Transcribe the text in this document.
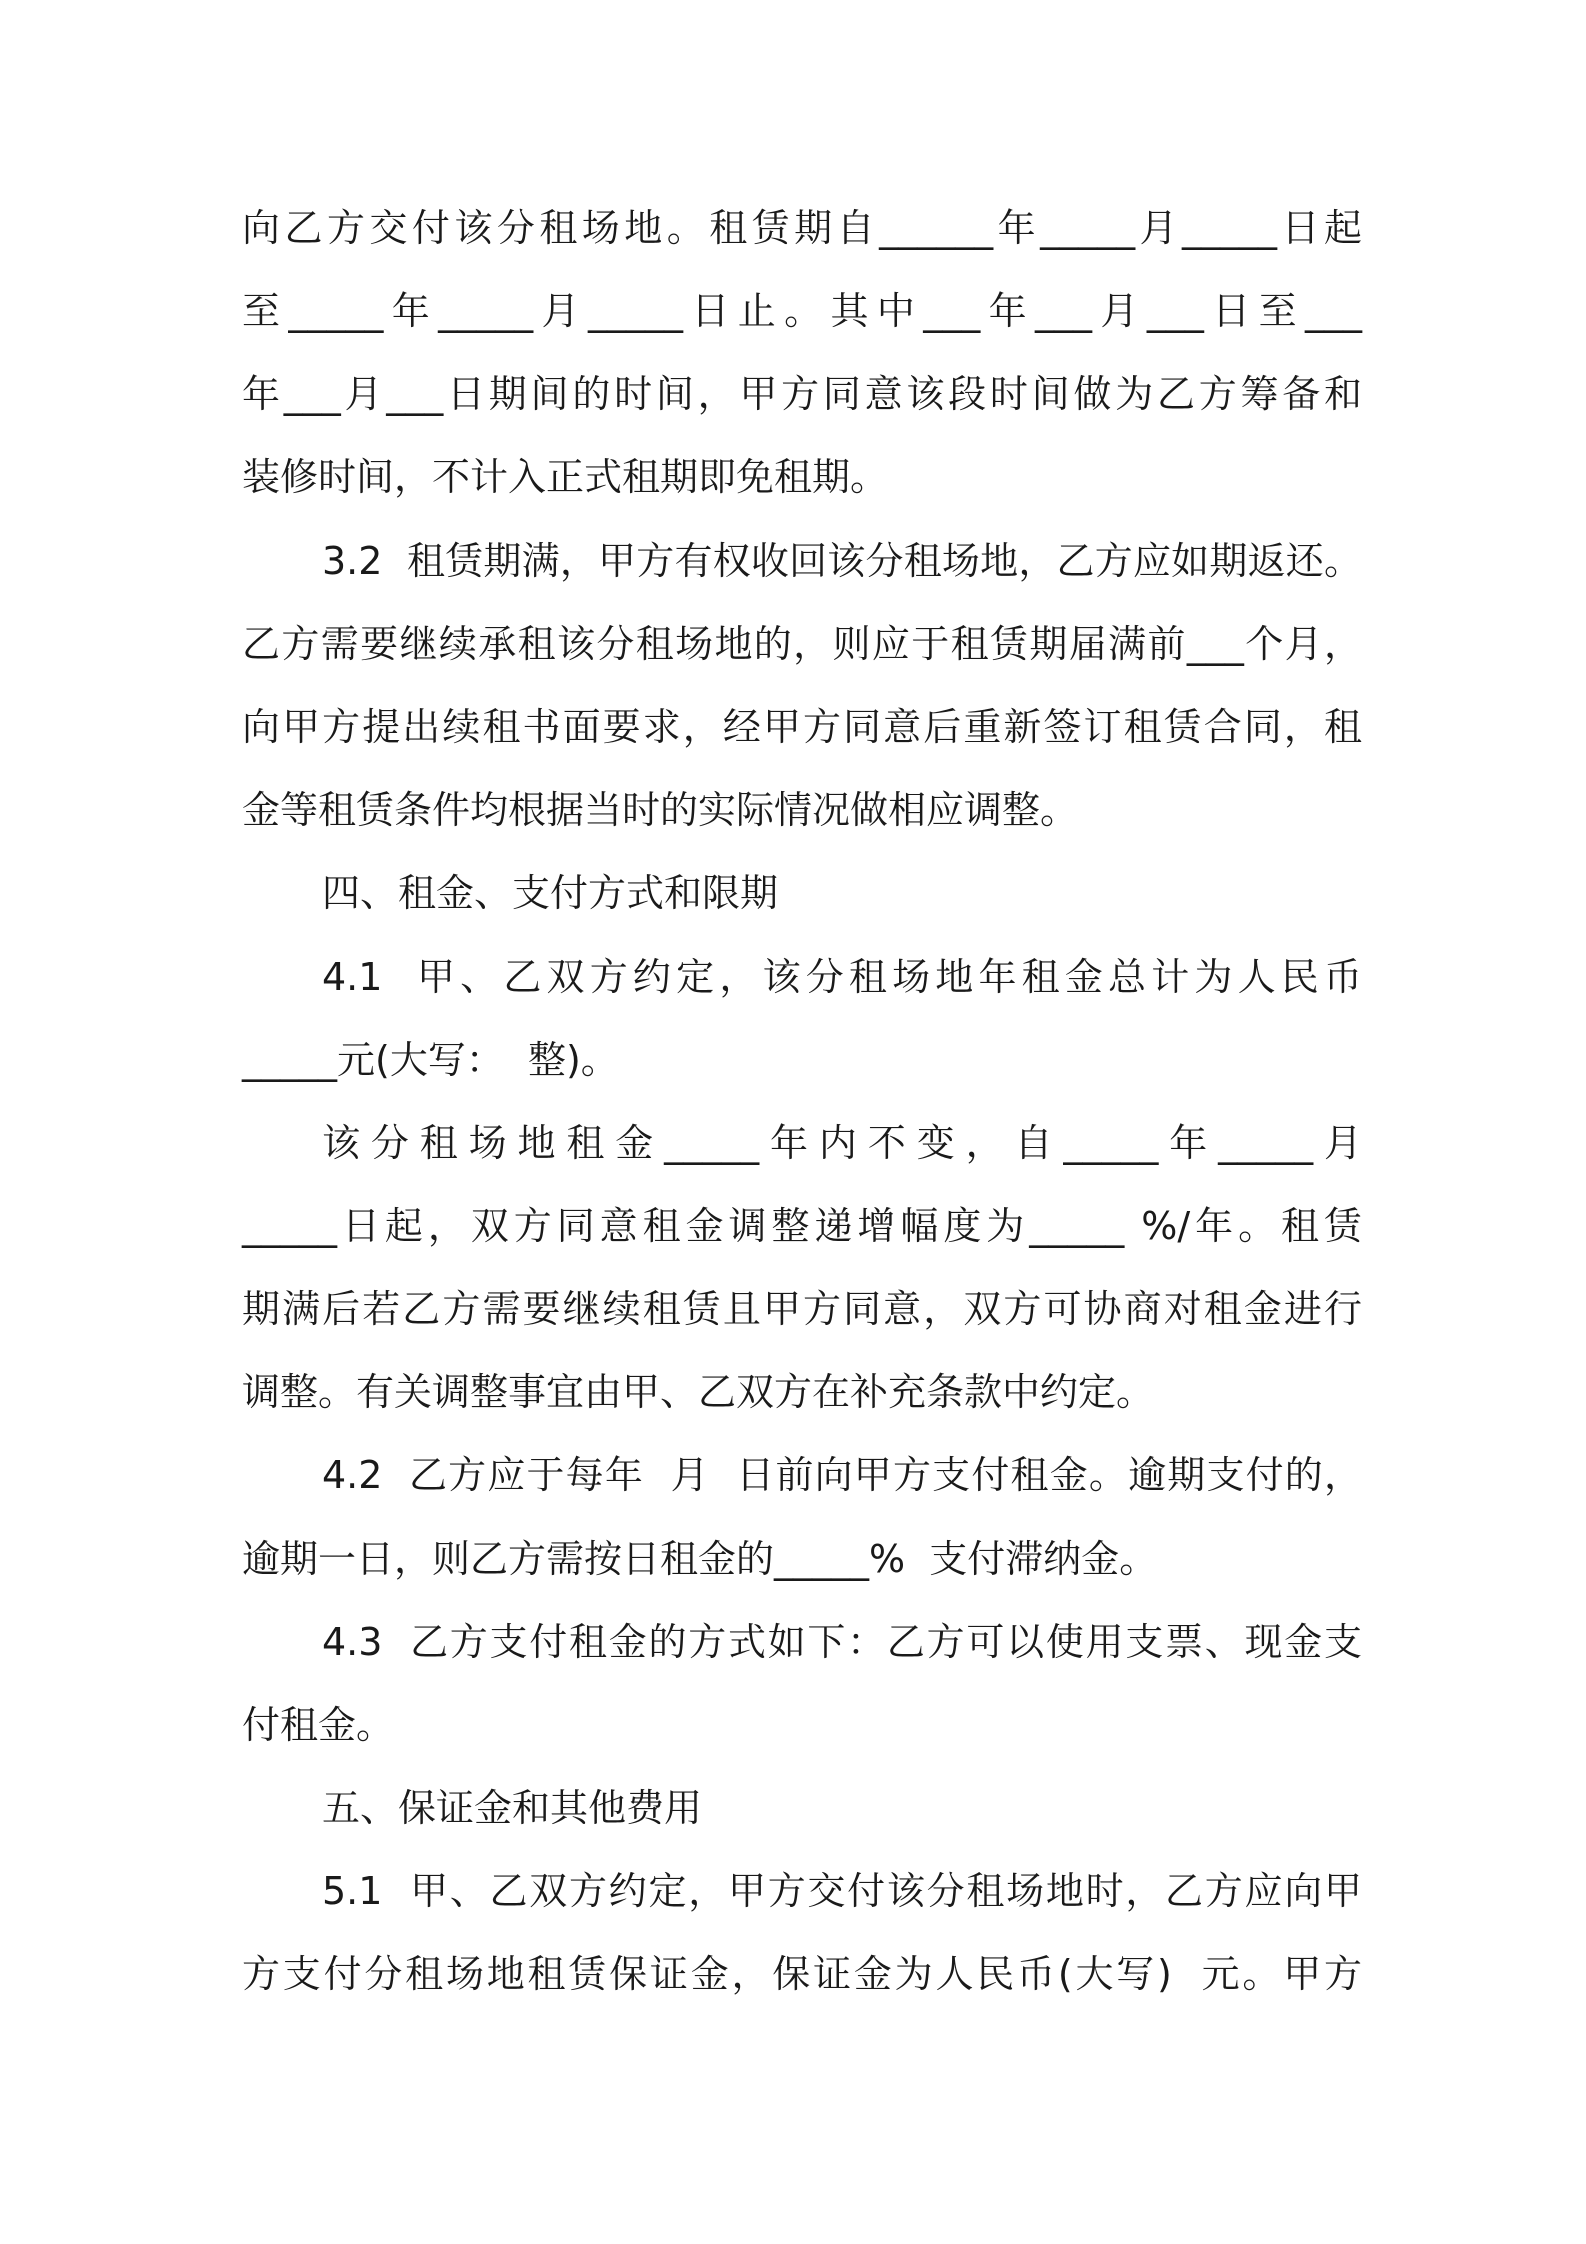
向乙方交付该分租场地。租赁期自______年_____月_____日起

至_____年_____月_____日止。其中___年___月___日至___

年___月___日期间的时间，甲方同意该段时间做为乙方筹备和

装修时间，不计入正式租期即免租期。

3.2  租赁期满，甲方有权收回该分租场地，乙方应如期返还。

乙方需要继续承租该分租场地的，则应于租赁期届满前___个月，

向甲方提出续租书面要求，经甲方同意后重新签订租赁合同，租

金等租赁条件均根据当时的实际情况做相应调整。

四、租金、支付方式和限期

4.1  甲、乙双方约定，该分租场地年租金总计为人民币

_____元(大写：  整)。

该分租场地租金_____年内不变，自_____年_____月

_____日起，双方同意租金调整递增幅度为_____ %/年。租赁

期满后若乙方需要继续租赁且甲方同意，双方可协商对租金进行

调整。有关调整事宜由甲、乙双方在补充条款中约定。

4.2  乙方应于每年  月  日前向甲方支付租金。逾期支付的，

逾期一日，则乙方需按日租金的_____%  支付滞纳金。

4.3  乙方支付租金的方式如下：乙方可以使用支票、现金支

付租金。

五、保证金和其他费用

5.1  甲、乙双方约定，甲方交付该分租场地时，乙方应向甲

方支付分租场地租赁保证金，保证金为人民币(大写)  元。甲方
